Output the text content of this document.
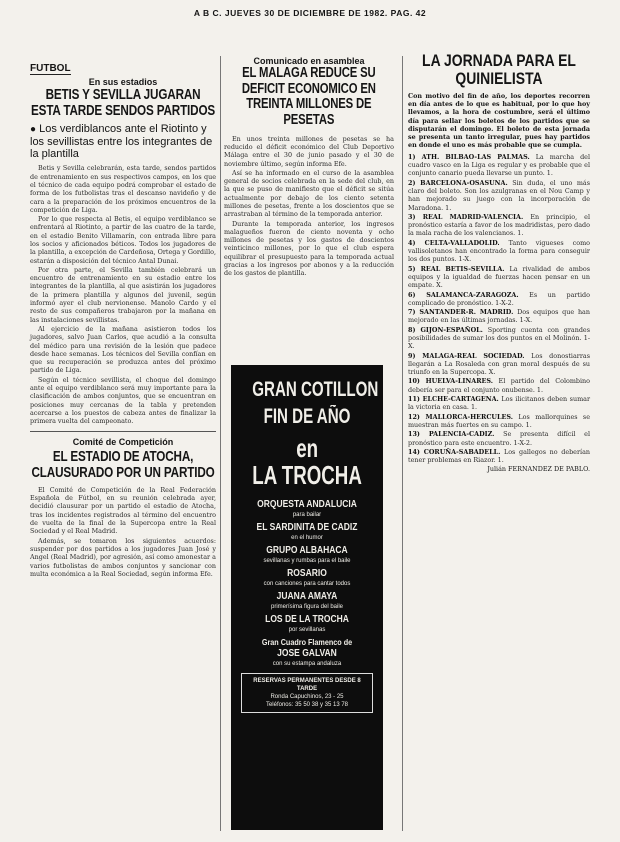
A B C. JUEVES 30 DE DICIEMBRE DE 1982. PAG. 42
FUTBOL
En sus estadios
BETIS Y SEVILLA JUGARAN ESTA TARDE SENDOS PARTIDOS
● Los verdiblancos ante el Riotinto y los sevillistas entre los integrantes de la plantilla

Betis y Sevilla celebrarán, esta tarde, sendos partidos de entrenamiento en sus respectivos campos, en los que el técnico de cada equipo podrá comprobar el estado de forma de los futbolistas tras el descanso navideño y de cara a la preparación de los próximos encuentros de la competición de Liga.

Por lo que respecta al Betis, el equipo verdiblanco se enfrentará al Riotinto, a partir de las cuatro de la tarde, en el estadio Benito Villamarín, con entrada libre para los socios y aficionados béticos. Todos los jugadores de la plantilla, a excepción de Cardeñosa, Ortega y Gordillo, estarán a disposición del técnico Antal Dunai.

Por otra parte, el Sevilla también celebrará un encuentro de entrenamiento en su estadio entre los integrantes de la plantilla, al que asistirán los jugadores de la primera plantilla y algunos del juvenil, según informó ayer el club nervionense. Manolo Cardo y el resto de sus compañeros trabajaron por la mañana en las instalaciones sevillistas.

Al ejercicio de la mañana asistieron todos los jugadores, salvo Juan Carlos, que acudió a la consulta del médico para una revisión de la lesión que padece desde hace semanas. Los técnicos del Sevilla confían en que su recuperación se produzca antes del próximo partido de Liga.

Según el técnico sevillista, el choque del domingo ante el equipo verdiblanco será muy importante para la clasificación de ambos conjuntos, que se encuentran en posiciones muy cercanas de la tabla y pretenden acercarse a los puestos de cabeza antes de finalizar la primera vuelta del campeonato.

Comité de Competición
EL ESTADIO DE ATOCHA, CLAUSURADO POR UN PARTIDO

El Comité de Competición de la Real Federación Española de Fútbol, en su reunión celebrada ayer, decidió clausurar por un partido el estadio de Atocha, tras los incidentes registrados al término del encuentro de vuelta de la final de la Supercopa entre la Real Sociedad y el Real Madrid.

Además, se tomaron los siguientes acuerdos: suspender por dos partidos a los jugadores Juan José y Angel (Real Madrid), por agresión, así como amonestar a varios futbolistas de ambos conjuntos y sancionar con multa económica a la Real Sociedad, según informa Efe.

Comunicado en asamblea
EL MALAGA REDUCE SU DEFICIT ECONOMICO EN TREINTA MILLONES DE PESETAS

En unos treinta millones de pesetas se ha reducido el déficit económico del Club Deportivo Málaga entre el 30 de junio pasado y el 30 de noviembre último, según informa Efe.

Así se ha informado en el curso de la asamblea general de socios celebrada en la sede del club, en la que se puso de manifiesto que el déficit se sitúa actualmente por debajo de los ciento setenta millones de pesetas, frente a los doscientos que se arrastraban al término de la temporada anterior.

Durante la temporada anterior, los ingresos malagueños fueron de ciento noventa y ocho millones de pesetas y los gastos de doscientos veinticinco millones, por lo que el club espera equilibrar el presupuesto para la temporada actual gracias a los ingresos por abonos y a la reducción de los gastos de plantilla.

GRAN COTILLON
FIN DE AÑO
en LA TROCHA
ORQUESTA ANDALUCIA
para bailar
EL SARDINITA DE CADIZ
en el humor
GRUPO ALBAHACA
sevillanas y rumbas para el baile
ROSARIO
con canciones para cantar todos
JUANA AMAYA
primerísima figura del baile
LOS DE LA TROCHA
por sevillanas
Gran Cuadro Flamenco de
JOSE GALVAN
con su estampa andaluza
RESERVAS PERMANENTES DESDE 8 TARDE
Ronda Capuchinos, 23 - 25
Teléfonos: 35 50 38 y 35 13 78
LA JORNADA PARA EL QUINIELISTA
Con motivo del fin de año, los deportes recorren en día antes de lo que es habitual, por lo que hoy llevamos, a la hora de costumbre, será el último día para sellar los boletos de los partidos que se disputarán el domingo. El boleto de esta jornada se presenta un tanto irregular, pues hay partidos en donde el uno es más probable que se cumpla.

1) ATH. BILBAO-LAS PALMAS. La marcha del cuadro vasco en la Liga es regular y es probable que el conjunto canario pueda llevarse un punto. 1.

2) BARCELONA-OSASUNA. Sin duda, el uno más claro del boleto. Son los azulgranas en el Nou Camp y han mejorado su juego con la incorporación de Maradona. 1.

3) REAL MADRID-VALENCIA. En principio, el pronóstico estaría a favor de los madridistas, pero dado la mala racha de los valencianos. 1.

4) CELTA-VALLADOLID. Tanto vigueses como vallisoletanos han encontrado la forma para conseguir los dos puntos. 1-X.

5) REAL BETIS-SEVILLA. La rivalidad de ambos equipos y la igualdad de fuerzas hacen pensar en un empate. X.

6) SALAMANCA-ZARAGOZA. Es un partido complicado de pronóstico. 1-X-2.

7) SANTANDER-R. MADRID. Dos equipos que han mejorado en las últimas jornadas. 1-X.

8) GIJON-ESPAÑOL. Sporting cuenta con grandes posibilidades de sumar los dos puntos en el Molinón. 1-X.

9) MALAGA-REAL SOCIEDAD. Los donostiarras llegarán a La Rosaleda con gran moral después de su triunfo en la Supercopa. X.

10) HUELVA-LINARES. El partido del Colombino debería ser para el conjunto onubense. 1.

11) ELCHE-CARTAGENA. Los ilicitanos deben sumar la victoria en casa. 1.

12) MALLORCA-HERCULES. Los mallorquines se muestran más fuertes en su campo. 1.

13) PALENCIA-CADIZ. Se presenta difícil el pronóstico para este encuentro. 1-X-2.

14) CORUÑA-SABADELL. Los gallegos no deberían tener problemas en Riazor. 1.

Julián FERNANDEZ DE PABLO.
